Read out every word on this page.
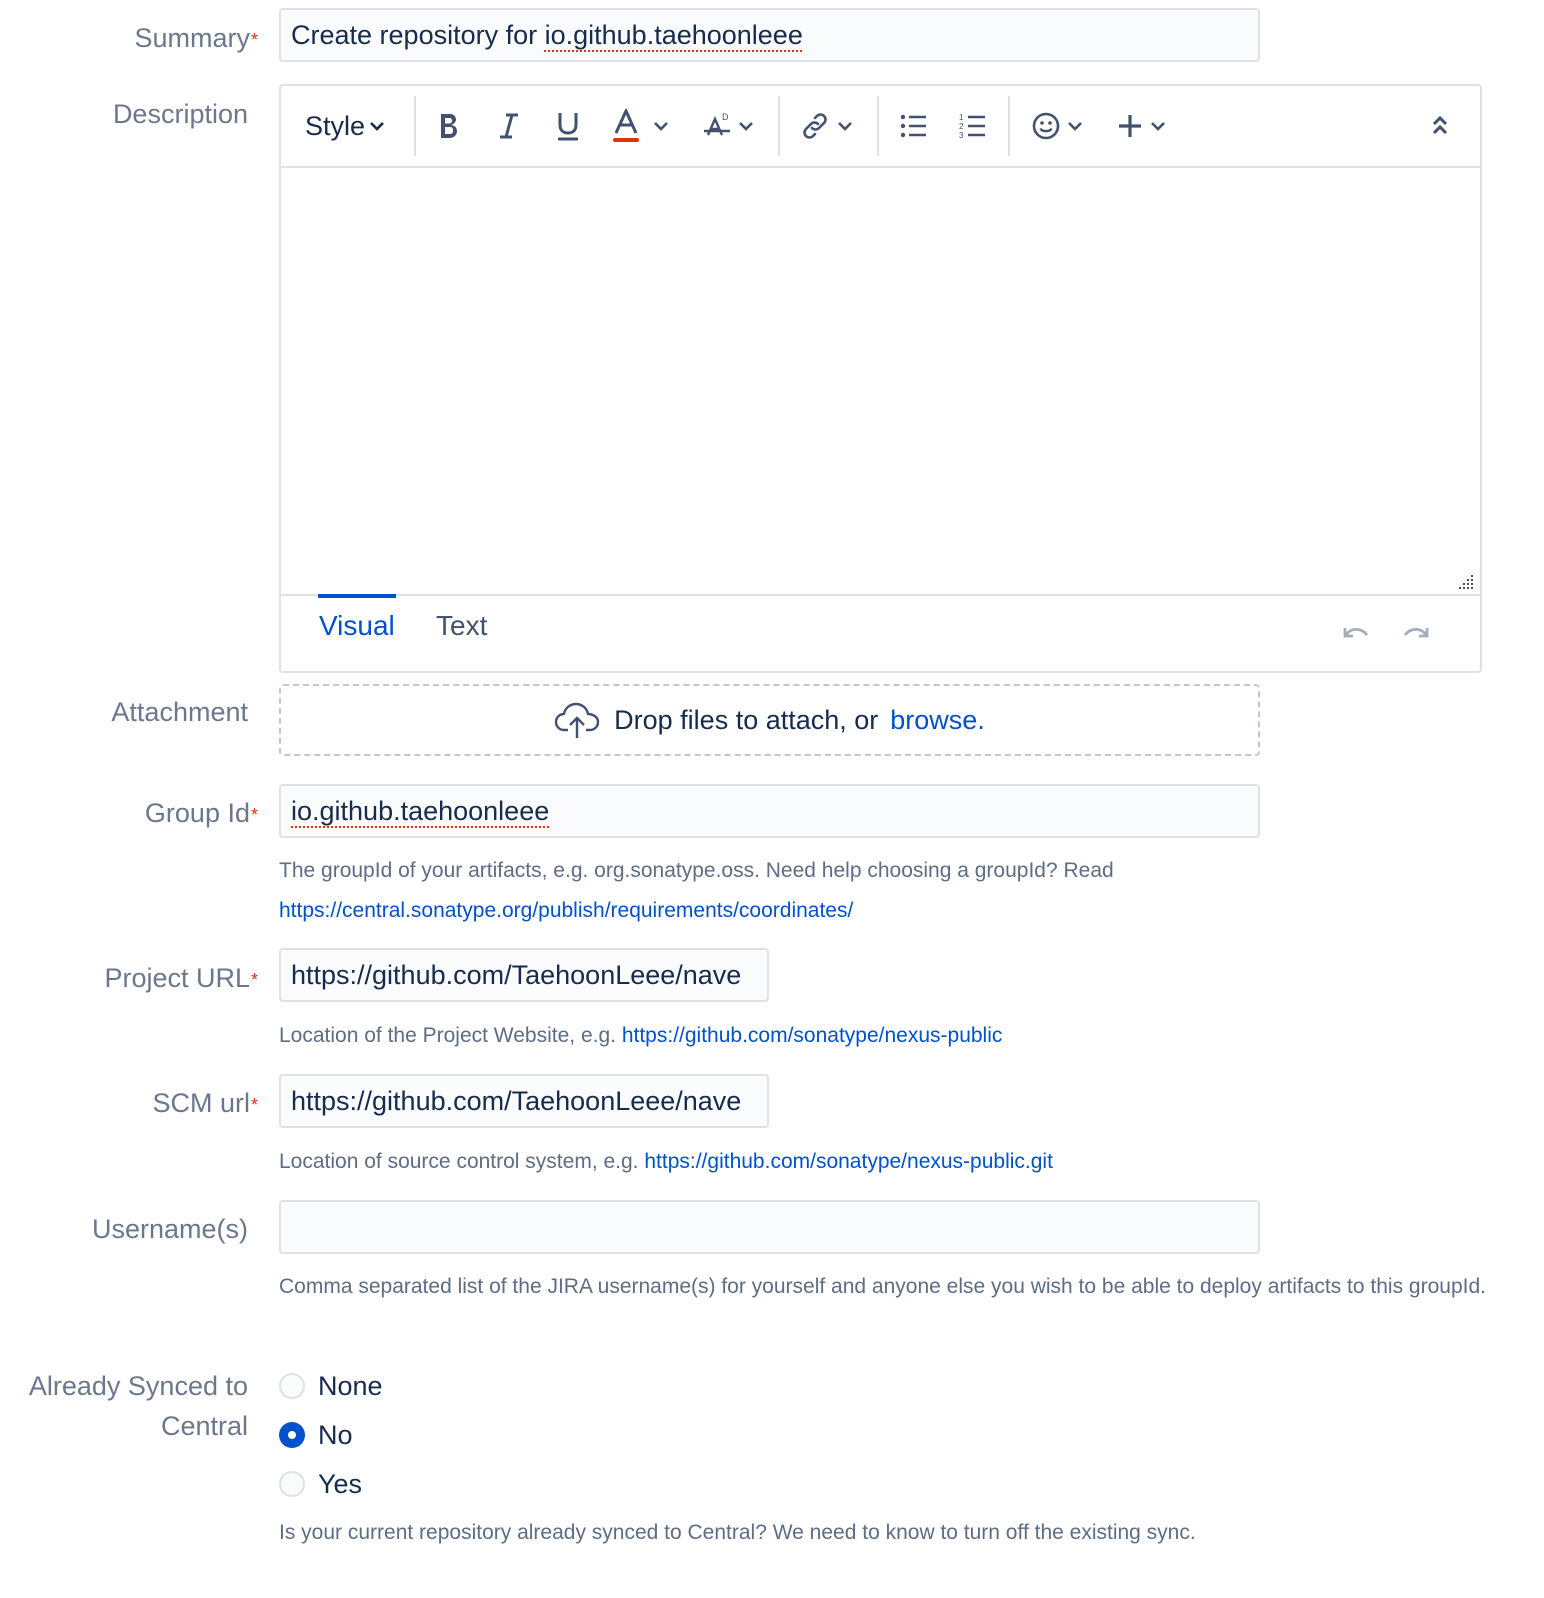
Summary*	Create repository for io.github.taehoonleee
Description Style	D	1
2
3
Visual Text
Attachment	Drop files to attach, or browse.
Group Id*	io.github.taehoonleee
The groupId of your artifacts, e.g. org.sonatype.oss. Need help choosing a groupId? Read
https://central.sonatype.org/publish/requirements/coordinates/
Project URL*	https://github.com/TaehoonLeee/nave
Location of the Project Website, e.g. https://github.com/sonatype/nexus-public
SCM url*	https://github.com/TaehoonLeee/nave
Location of source control system, e.g. https://github.com/sonatype/nexus-public.git
Username(s)
Comma separated list of the JIRA username(s) for yourself and anyone else you wish to be able to deploy artifacts to this groupId.
Already Synced to
Central
None
No
Yes
Is your current repository already synced to Central? We need to know to turn off the existing sync.
